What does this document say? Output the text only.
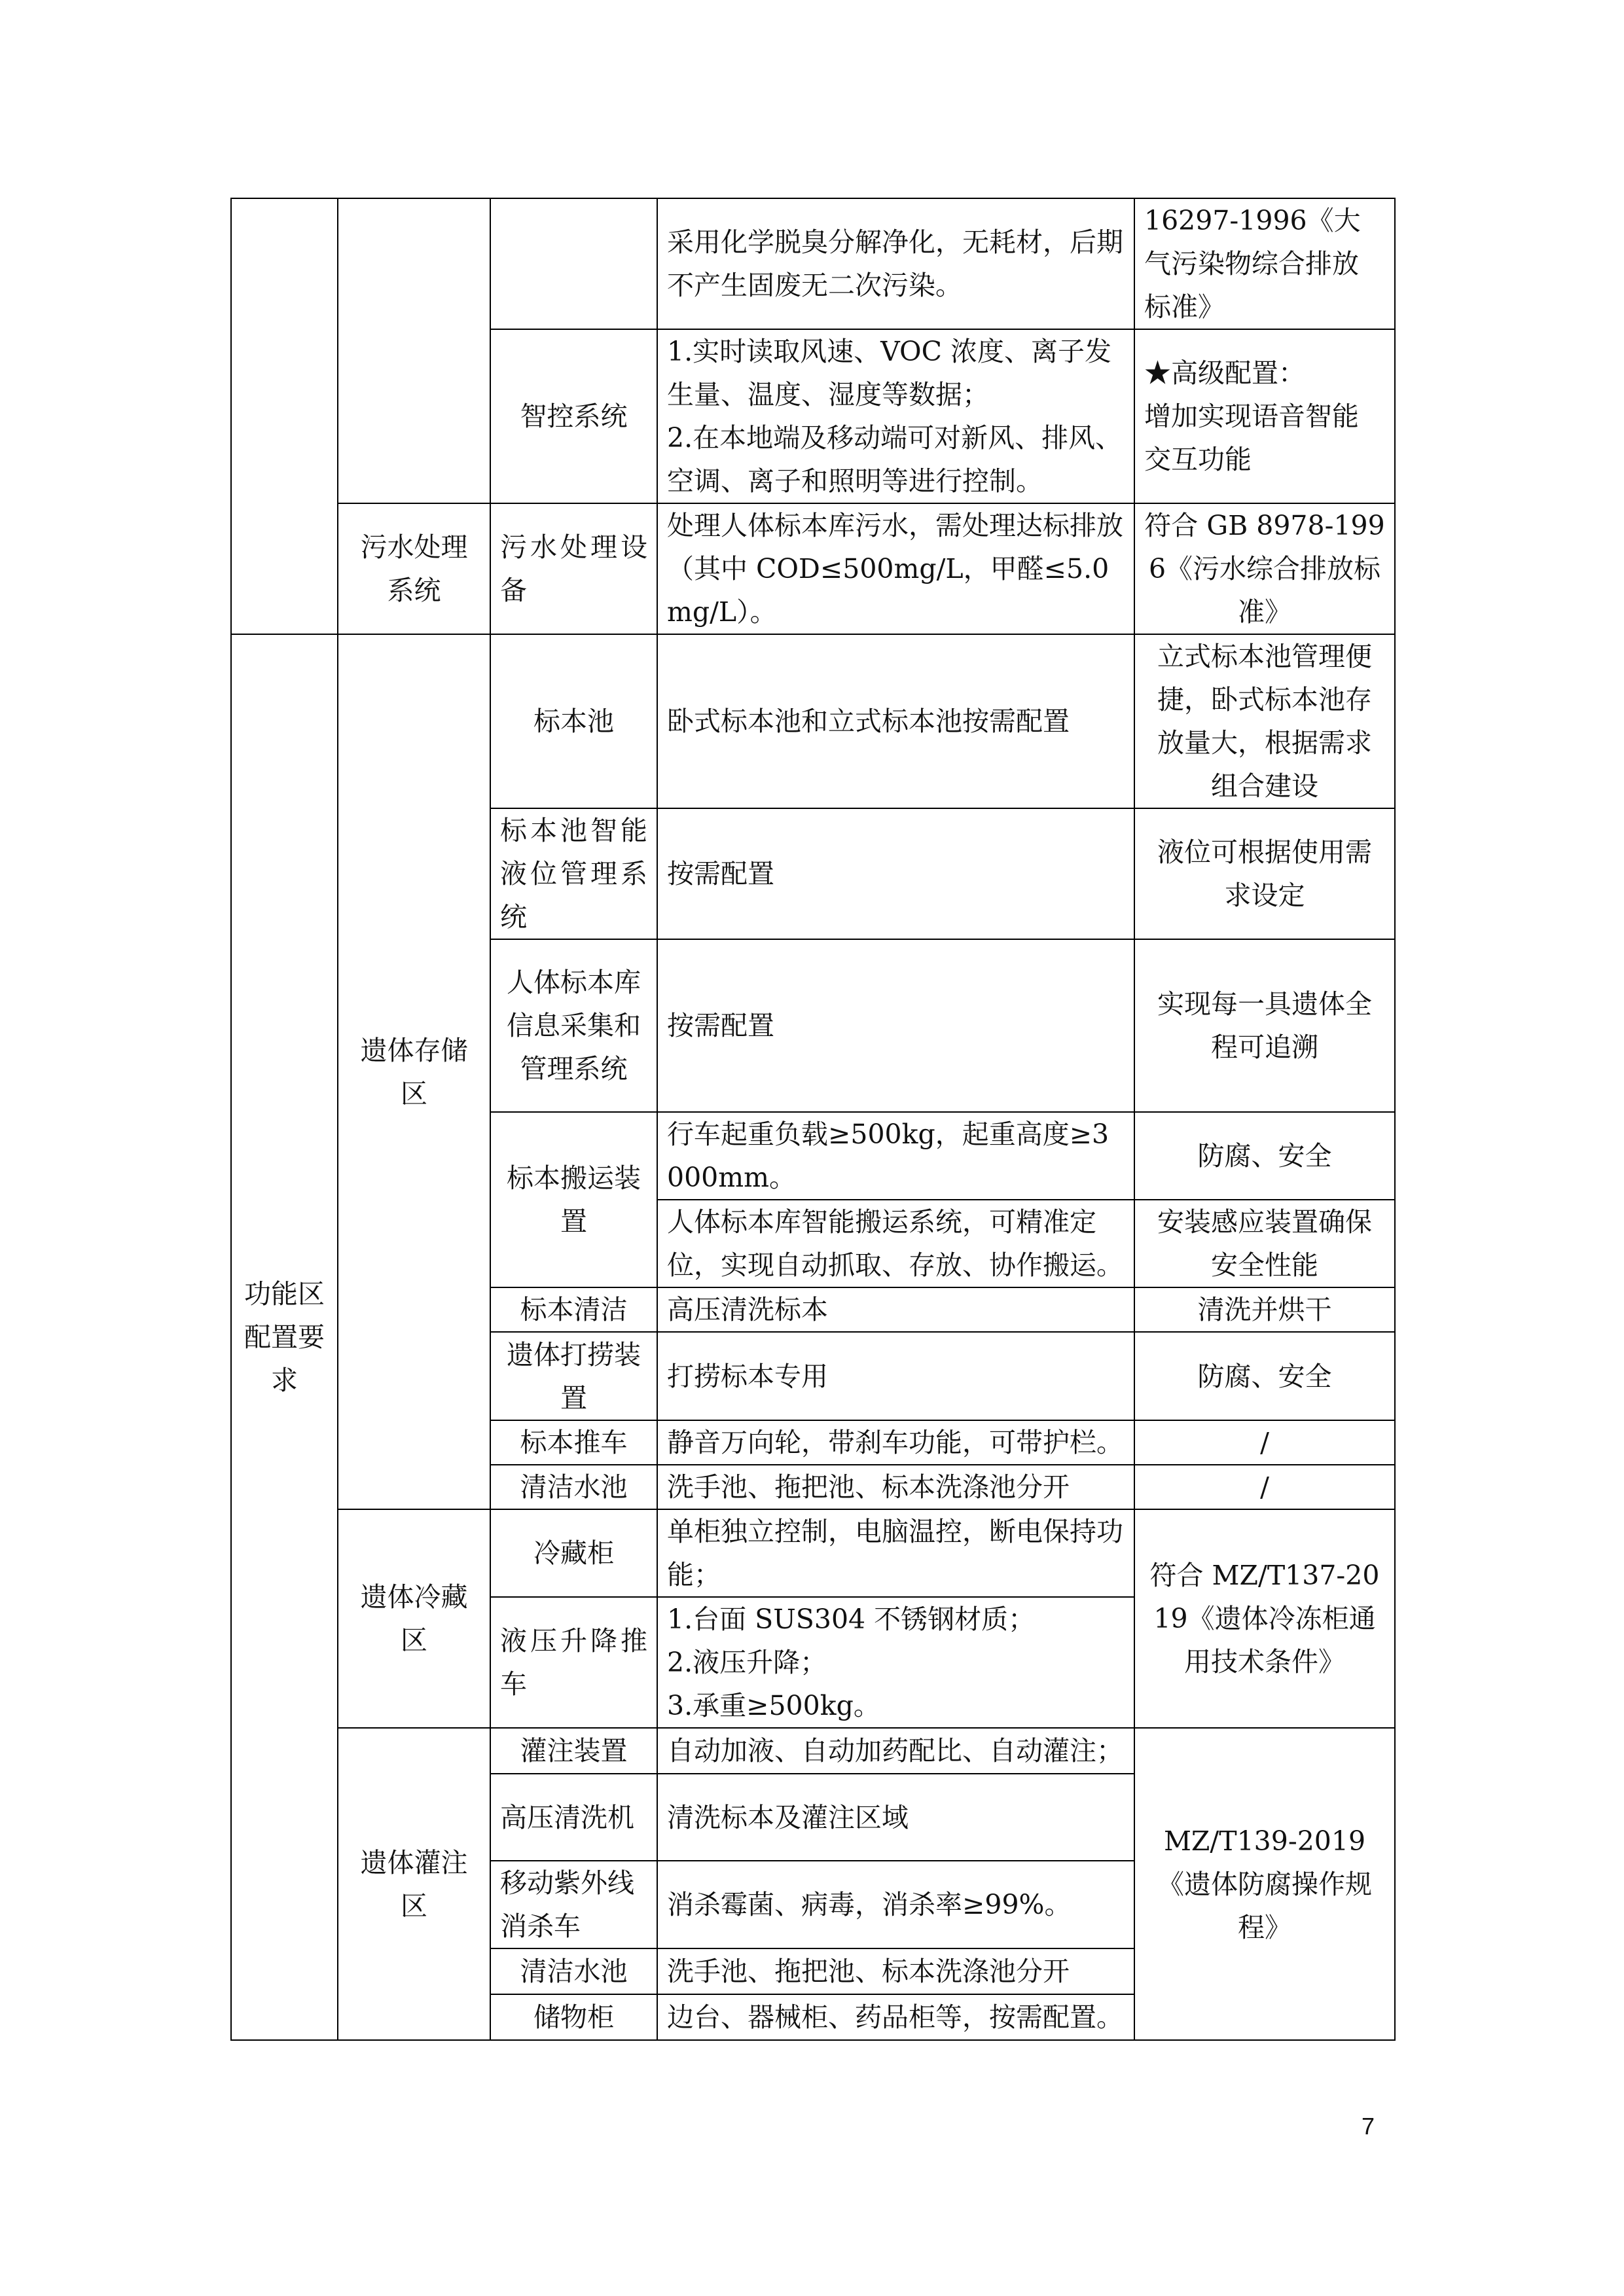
			采用化学脱臭分解净化，无耗材，后期不产生固废无二次污染。	16297-1996《大气污染物综合排放标准》
		智控系统	1.实时读取风速、VOC 浓度、离子发生量、温度、湿度等数据；
2.在本地端及移动端可对新风、排风、空调、离子和照明等进行控制。	★高级配置：
增加实现语音智能交互功能
	污水处理系统	污水处理设备	处理人体标本库污水，需处理达标排放（其中 COD≤500mg/L，甲醛≤5.0mg/L）。	符合 GB 8978-1996《污水综合排放标准》
功能区配置要求	遗体存储区	标本池	卧式标本池和立式标本池按需配置	立式标本池管理便捷，卧式标本池存放量大，根据需求组合建设
		标本池智能液位管理系统	按需配置	液位可根据使用需求设定
		人体标本库信息采集和管理系统	按需配置	实现每一具遗体全程可追溯
		标本搬运装置	行车起重负载≥500kg，起重高度≥3000mm。	防腐、安全
			人体标本库智能搬运系统，可精准定位，实现自动抓取、存放、协作搬运。	安装感应装置确保安全性能
		标本清洁	高压清洗标本	清洗并烘干
		遗体打捞装置	打捞标本专用	防腐、安全
		标本推车	静音万向轮，带刹车功能，可带护栏。	/
		清洁水池	洗手池、拖把池、标本洗涤池分开	/
	遗体冷藏区	冷藏柜	单柜独立控制，电脑温控，断电保持功能；	符合 MZ/T137-2019《遗体冷冻柜通用技术条件》
		液压升降推车	1.台面 SUS304 不锈钢材质；
2.液压升降；
3.承重≥500kg。	
	遗体灌注区	灌注装置	自动加液、自动加药配比、自动灌注；	MZ/T139-2019《遗体防腐操作规程》
		高压清洗机	清洗标本及灌注区域	
		移动紫外线消杀车	消杀霉菌、病毒，消杀率≥99%。	
		清洁水池	洗手池、拖把池、标本洗涤池分开	
		储物柜	边台、器械柜、药品柜等，按需配置。	
7
